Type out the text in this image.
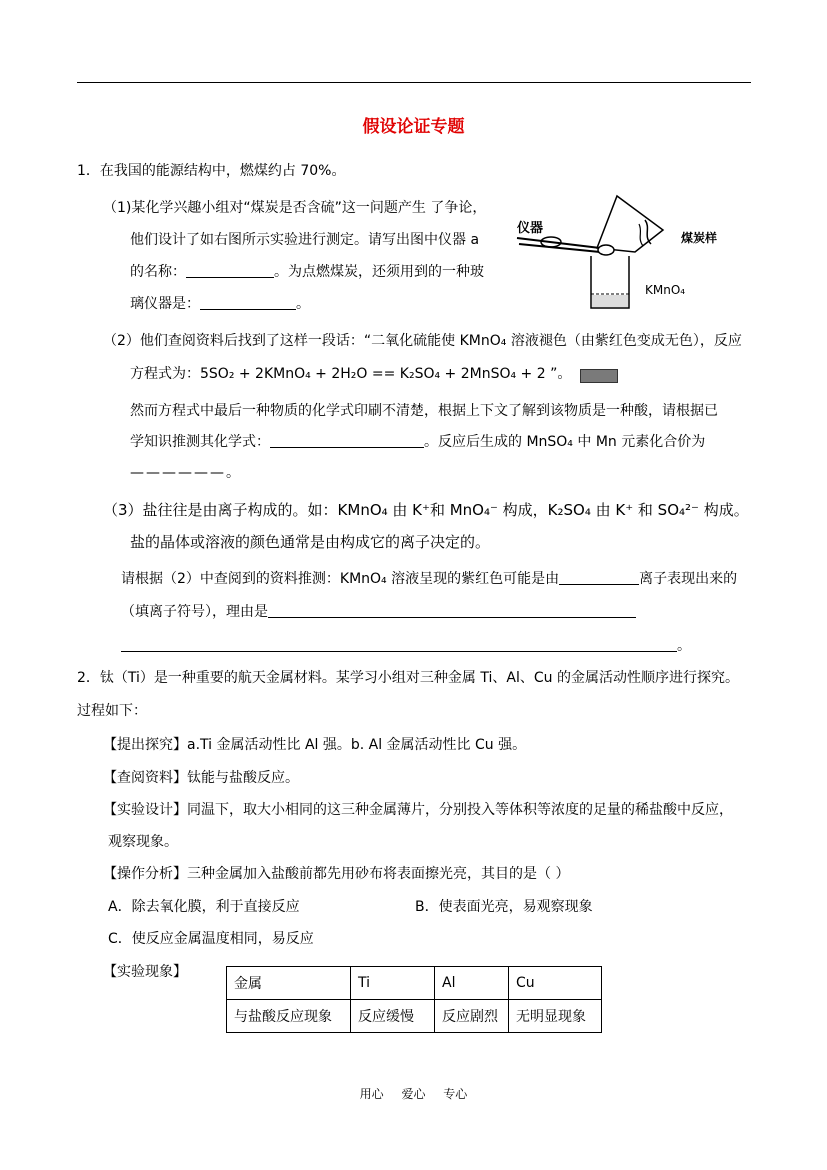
假设论证专题
1．在我国的能源结构中，燃煤约占 70%。
（1)某化学兴趣小组对“煤炭是否含硫”这一问题产生 了争论，
他们设计了如右图所示实验进行测定。请写出图中仪器 a
的名称：	。为点燃煤炭，还须用到的一种玻
璃仪器是：	。
仪器
煤炭样
KMnO₄
（2）他们查阅资料后找到了这样一段话：“二氧化硫能使 KMnO₄ 溶液褪色（由紫红色变成无色），反应
方程式为：5SO₂ + 2KMnO₄ + 2H₂O == K₂SO₄ + 2MnSO₄ + 2 ”。
然而方程式中最后一种物质的化学式印刷不清楚，根据上下文了解到该物质是一种酸，请根据已
学知识推测其化学式：	。反应后生成的 MnSO₄ 中 Mn 元素化合价为
——————。
（3）盐往往是由离子构成的。如：KMnO₄ 由 K⁺和 MnO₄⁻ 构成，K₂SO₄ 由 K⁺ 和 SO₄²⁻ 构成。
盐的晶体或溶液的颜色通常是由构成它的离子决定的。
请根据（2）中查阅到的资料推测：KMnO₄ 溶液呈现的紫红色可能是由	离子表现出来的
（填离子符号），理由是
。
2．钛（Ti）是一种重要的航天金属材料。某学习小组对三种金属 Ti、Al、Cu 的金属活动性顺序进行探究。
过程如下：
【提出探究】a.Ti 金属活动性比 Al 强。b. Al 金属活动性比 Cu 强。
【查阅资料】钛能与盐酸反应。
【实验设计】同温下，取大小相同的这三种金属薄片，分别投入等体积等浓度的足量的稀盐酸中反应，
观察现象。
【操作分析】三种金属加入盐酸前都先用砂布将表面擦光亮，其目的是（ ）
A．除去氧化膜，利于直接反应	B．使表面光亮，易观察现象
C．使反应金属温度相同，易反应
【实验现象】
金属	Ti	Al	Cu
与盐酸反应现象	反应缓慢	反应剧烈	无明显现象
用心 爱心 专心
